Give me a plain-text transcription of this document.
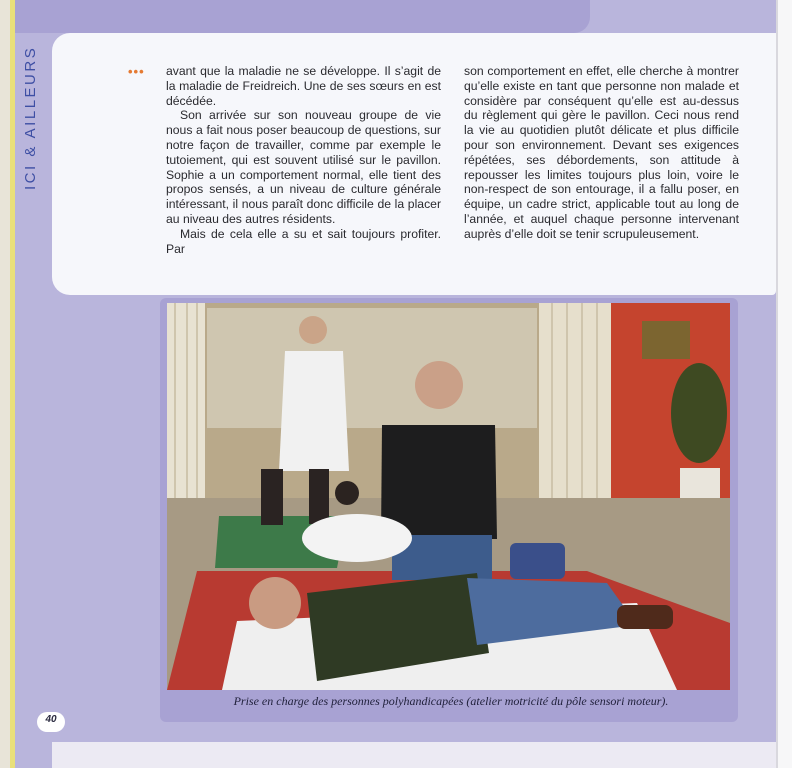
••• avant que la maladie ne se développe. Il s’agit de la maladie de Freidreich. Une de ses sœurs en est décédée.

Son arrivée sur son nouveau groupe de vie nous a fait nous poser beaucoup de questions, sur notre façon de travailler, comme par exemple le tutoiement, qui est souvent utilisé sur le pavillon. Sophie a un comportement normal, elle tient des propos sensés, a un niveau de culture générale intéressant, il nous paraît donc difficile de la placer au niveau des autres résidents.

Mais de cela elle a su et sait toujours profiter. Par

son comportement en effet, elle cherche à montrer qu’elle existe en tant que personne non malade et considère par conséquent qu’elle est au-dessus du règlement qui gère le pavillon. Ceci nous rend la vie au quotidien plutôt délicate et plus difficile pour son environnement. Devant ses exigences répétées, ses débordements, son attitude à repousser les limites toujours plus loin, voire le non-respect de son entourage, il a fallu poser, en équipe, un cadre strict, applicable tout au long de l’année, et auquel chaque personne intervenant auprès d’elle doit se tenir scrupuleusement.

Prise en charge des personnes polyhandicapées (atelier motricité du pôle sensori moteur).
40
